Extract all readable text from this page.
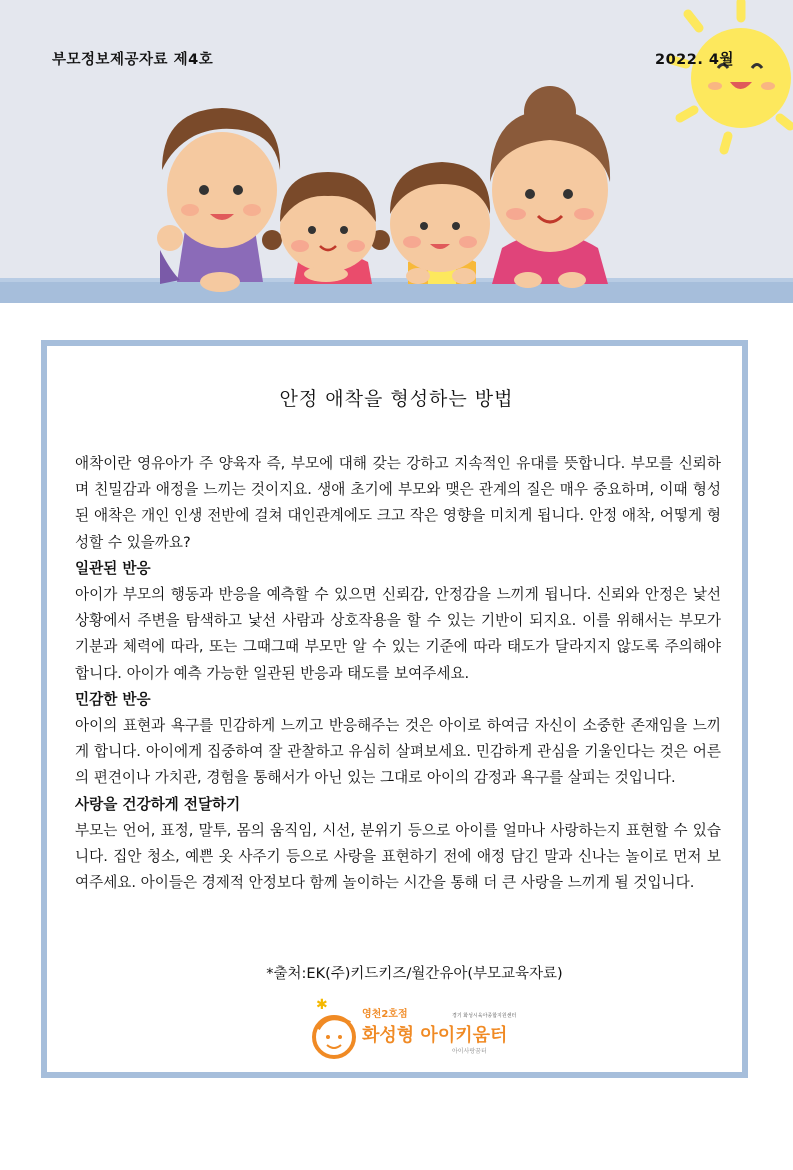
부모정보제공자료 제4호	2022. 4월
안정 애착을 형성하는 방법

애착이란 영유아가 주 양육자 즉, 부모에 대해 갖는 강하고 지속적인 유대를 뜻합니다. 부모를 신뢰하며 친밀감과 애정을 느끼는 것이지요. 생애 초기에 부모와 맺은 관계의 질은 매우 중요하며, 이때 형성된 애착은 개인 인생 전반에 걸쳐 대인관계에도 크고 작은 영향을 미치게 됩니다. 안정 애착, 어떻게 형성할 수 있을까요?

일관된 반응

아이가 부모의 행동과 반응을 예측할 수 있으면 신뢰감, 안정감을 느끼게 됩니다. 신뢰와 안정은 낯선 상황에서 주변을 탐색하고 낯선 사람과 상호작용을 할 수 있는 기반이 되지요. 이를 위해서는 부모가 기분과 체력에 따라, 또는 그때그때 부모만 알 수 있는 기준에 따라 태도가 달라지지 않도록 주의해야 합니다. 아이가 예측 가능한 일관된 반응과 태도를 보여주세요.

민감한 반응

아이의 표현과 욕구를 민감하게 느끼고 반응해주는 것은 아이로 하여금 자신이 소중한 존재임을 느끼게 합니다. 아이에게 집중하여 잘 관찰하고 유심히 살펴보세요. 민감하게 관심을 기울인다는 것은 어른의 편견이나 가치관, 경험을 통해서가 아닌 있는 그대로 아이의 감정과 욕구를 살피는 것입니다.

사랑을 건강하게 전달하기

부모는 언어, 표정, 말투, 몸의 움직임, 시선, 분위기 등으로 아이를 얼마나 사랑하는지 표현할 수 있습니다. 집안 청소, 예쁜 옷 사주기 등으로 사랑을 표현하기 전에 애정 담긴 말과 신나는 놀이로 먼저 보여주세요. 아이들은 경제적 안정보다 함께 놀이하는 시간을 통해 더 큰 사랑을 느끼게 될 것입니다.

*출처:EK(주)키드키즈/월간유아(부모교육자료)
✱
영천2호점	경기 화성시육아종합지원센터
화성형 아이키움터
아이사랑꿈터
